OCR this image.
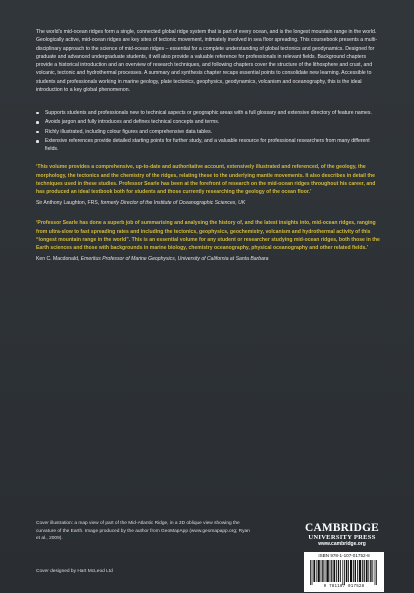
The world’s mid-ocean ridges form a single, connected global ridge system that is part of every ocean, and is the longest mountain range in the world. Geologically active, mid-ocean ridges are key sites of tectonic movement, intimately involved in sea floor spreading. This coursebook presents a multi-disciplinary approach to the science of mid-ocean ridges – essential for a complete understanding of global tectonics and geodynamics. Designed for graduate and advanced undergraduate students, it will also provide a valuable reference for professionals in relevant fields. Background chapters provide a historical introduction and an overview of research techniques, and following chapters cover the structure of the lithosphere and crust, and volcanic, tectonic and hydrothermal processes. A summary and synthesis chapter recaps essential points to consolidate new learning. Accessible to students and professionals working in marine geology, plate tectonics, geophysics, geodynamics, volcanism and oceanography, this is the ideal introduction to a key global phenomenon.

Supports students and professionals new to technical aspects or geographic areas with a full glossary and extensive directory of feature names.
Avoids jargon and fully introduces and defines technical concepts and terms.
Richly illustrated, including colour figures and comprehensive data tables.
Extensive references provide detailed starting points for further study, and a valuable resource for professional researchers from many different fields.

‘This volume provides a comprehensive, up-to-date and authoritative account, extensively illustrated and referenced, of the geology, the morphology, the tectonics and the chemistry of the ridges, relating these to the underlying mantle movements. It also describes in detail the techniques used in these studies. Professor Searle has been at the forefront of research on the mid-ocean ridges throughout his career, and has produced an ideal textbook both for students and those currently researching the geology of the ocean floor.’

Sir Anthony Laughton, FRS, formerly Director of the Institute of Oceanographic Sciences, UK

‘Professor Searle has done a superb job of summarising and analysing the history of, and the latest insights into, mid-ocean ridges, ranging from ultra-slow to fast spreading rates and including the tectonics, geophysics, geochemistry, volcanism and hydrothermal activity of this “longest mountain range in the world”. This is an essential volume for any student or researcher studying mid-ocean ridges, both those in the Earth sciences and those with backgrounds in marine biology, chemistry oceanography, physical oceanography and other related fields.’

Ken C. Macdonald, Emeritus Professor of Marine Geophysics, University of California at Santa Barbara

Cover illustration: a map view of part of the Mid-Atlantic Ridge, in a 3D oblique view showing the curvature of the Earth. Image produced by the author from GeoMapApp (www.geomapapp.org; Ryan et al., 2009).

Cover designed by Hart McLeod Ltd

CAMBRIDGE
UNIVERSITY PRESS
www.cambridge.org
ISBN 978-1-107-01752-8
9 781107 017528
